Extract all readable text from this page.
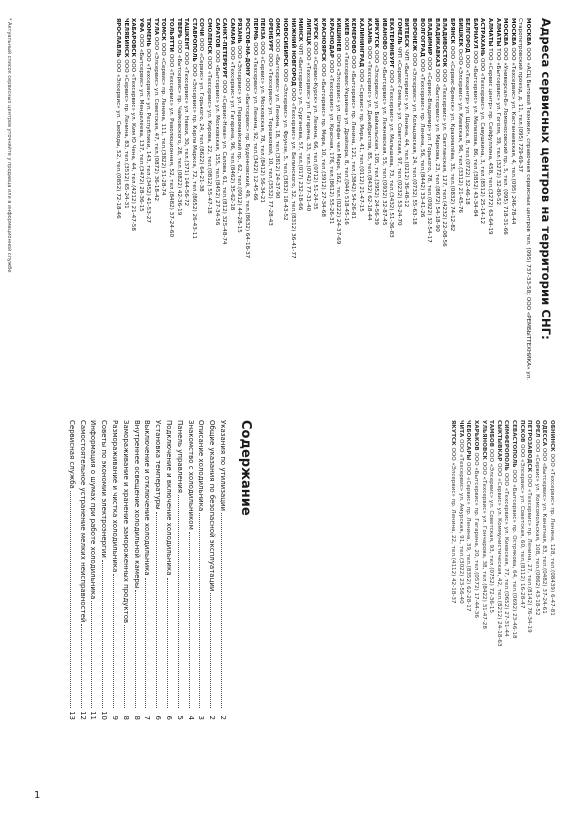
Адреса сервисных центров на территории СНГ:

МОСКВА ООО «АСЦ Бытовой Техники», справочная сервисных центров тел. (095) 737-33-58; ООО «РЕМБЫТТЕХНИКА» ул. Старопетровский проезд, д. 11, тел.(095) 729-69-37

МОСКВА ООО «Техсервис» ул. Кастанаевская, 4, тел.(095) 246-78-44

МОСКВА ООО «Универсал-Б» Ломоносовский пр., 5, тел. (095) 718-31-66

АЛМАТЫ ТОО «Бытсервис» ул. Гоголя, 39, тел.(3272) 32-80-52

АЛМАТЫ ТОО «Сервис центр» пр. Сейфуллина, 458, тел.(3272) 63-64-19

АСТРАХАНЬ ООО «Техсервис» ул. Савушкина, 3, тел.(8512) 25-14-12

БАРНАУЛ ООО «Бытсервис» ул. Малахова, 86, тел.(3852) 43-34-84

БЕЛГОРОД ООО «Техцентр» ул. Щорса, 8, тел.(0722) 32-46-18

БИШКЕК ОсОО «Элсервис» ул. Киевская, 96, тел.(3312) 21-45-76

БРЯНСК ООО «Сервис-Брянск» ул. Крахмалёва, 35, тел.(0832) 74-12-82

ВЛАДИВОСТОК ООО «Техсервис» ул. Светланская, 127, тел.(4232) 22-08-56

ВЛАДИКАВКАЗ ООО «Бытсервис» ул. Маркова, 23, тел.(8672) 54-18-90

ВЛАДИМИР ООО «Сервис-Владимир» ул. Горького, 78, тел.(0922) 32-54-17

ВОЛГОГРАД ООО «Техсервис» пр. Ленина, 56, тел.(8442) 33-41-26

ВОРОНЕЖ ООО «Элсервис» ул. Кольцовская, 24, тел.(0732) 55-63-18

ВИТЕБСК ЧУП «Бытсервис» ул. Ленина, 44, тел.(0212) 36-48-12

ГОМЕЛЬ ЧУП «Сервис-Гомель» ул. Советская, 97, тел.(0232) 53-24-70

ЕКАТЕРИНБУРГ ООО «Техсервис» ул. Малышева, 73, тел.(3432) 51-36-83

ИВАНОВО ООО «Бытсервис» ул. Лежневская, 55, тел.(0932) 32-87-45

ИРКУТСК ООО «Элсервис» ул. Байкальская, 105, тел.(3952) 24-56-39

КАЗАНЬ ООО «Техсервис» ул. Декабристов, 85, тел.(8432) 62-18-44

КАЛИНИНГРАД ООО «Сервис» пр. Мира, 41, тел.(0112) 21-47-15

КЕМЕРОВО ООО «Бытсервис» пр. Ленина, 121, тел.(3842) 54-26-81

КИЕВ ООО «Техсервис-Украина» ул. Драйзера, 8, тел.(044) 518-45-16

КИШИНЕВ ООО «Элсервис» ул. Штефан чел Маре, 162, тел.(0222) 24-37-69

КРАСНОДАР ООО «Техсервис» ул. Красная, 176, тел.(8612) 55-26-31

КРАСНОЯРСК ООО «Бытсервис» пр. Мира, 10, тел.(3912) 27-34-68

КУРСК ООО «Сервис-Курск» ул. Ленина, 66, тел.(0712) 51-24-35

ЛИПЕЦК ООО «Техсервис» ул. Гагарина, 33, тел.(0742) 77-31-40

МИНСК ЧУП «Бытсервис» ул. Сурганова, 57, тел.(017) 232-18-66

НИЖНИЙ НОВГОРОД ООО «Техсервис» ул. Белинского, 32, тел.(8312) 36-41-77

НОВОСИБИРСК ООО «Элсервис» ул. Фрунзе, 5, тел.(3832) 18-43-52

ОМСК ООО «Бытсервис» ул. Ленина, 18, тел.(3812) 24-37-90

ОРЕНБУРГ ООО «Техсервис» ул. Терешковой, 10, тел.(3532) 77-28-43

ПЕНЗА ООО «Сервис» ул. Московская, 78, тел.(8412) 56-34-21

ПЕРМЬ ООО «Техсервис» ул. Ленина, 92, тел.(3422) 12-45-66

РОСТОВ-НА-ДОНУ ООО «Бытсервис» пр. Буденновский, 49, тел.(8632) 64-18-37

РЯЗАНЬ ООО «Элсервис» ул. Первомайский пр., 62, тел.(0912) 44-28-15

САМАРА ООО «Техсервис» ул. Гагарина, 96, тел.(8462) 35-62-18

САНКТ-ПЕТЕРБУРГ ООО «Сервис-Нева» ул. Салова, 61, тел.(812) 325-48-74

САРАТОВ ООО «Бытсервис» ул. Московская, 155, тел.(8452) 27-34-56

СМОЛЕНСК ООО «Техсервис» ул. Кирова, 22, тел.(0812) 55-47-18

СОЧИ ООО «Сервис» ул. Горького, 24, тел.(8622) 64-21-38

СТАВРОПОЛЬ ООО «Элсервис» пр. Карла Маркса, 72, тел.(8652) 26-43-11

ТАШКЕНТ ООО «Техсервис» ул. Навои, 30, тел.(371) 144-56-72

ТВЕРЬ ООО «Бытсервис» пр. Чайковского, 28, тел.(0822) 42-36-19

ТОЛЬЯТТИ ООО «Техсервис» ул. Революционная, 52, тел.(8482) 37-24-60

ТОМСК ООО «Сервис» пр. Ленина, 111, тел.(3822) 51-28-74

ТУЛА ООО «Элсервис» ул. Советская, 47, тел.(0872) 36-18-42

ТЮМЕНЬ ООО «Техсервис» ул. Республики, 143, тел.(3452) 41-53-27

УФА ООО «Бытсервис» ул. Менделеева, 137, тел.(3472) 28-36-15

ХАБАРОВСК ООО «Техсервис» ул. Ким Ю Чена, 44, тел.(4212) 21-47-58

ЧЕЛЯБИНСК ООО «Сервис» пр. Ленина, 83, тел.(3512) 65-24-31

ЯРОСЛАВЛЬ ООО «Элсервис» ул. Свободы, 52, тел.(0852) 72-18-46

ОБНИНСК ООО «Техсервис» пр. Ленина, 128, тел.(08439) 6-47-81

ОДЕССА ООО «Бытсервис» ул. Канатная, 83, тел.(0482) 37-24-61

ОРЕЛ ООО «Сервис» ул. Комсомольская, 108, тел.(0862) 43-18-52

ПЕТРОЗАВОДСК ООО «Техсервис» пр. Ленина, 27, тел.(8142) 76-34-19

ПСКОВ ООО «Элсервис» ул. Советская, 60, тел.(8112) 16-28-47

СЕВАСТОПОЛЬ ООО «Бытсервис» пр. Острякова, 64, тел.(0692) 23-46-18

СИМФЕРОПОЛЬ ООО «Техсервис» ул. Киевская, 77, тел.(0652) 27-31-44

СЫКТЫВКАР ООО «Сервис» ул. Коммунистическая, 42, тел.(8212) 24-18-63

ТАМБОВ ООО «Элсервис» ул. Советская, 93, тел.(0752) 72-36-15

УЛЬЯНОВСК ООО «Техсервис» ул. Гончарова, 38, тел.(8422) 31-47-28

ХАРЬКОВ ООО «Бытсервис» пр. Гагарина, 20, тел.(0572) 17-44-36

ЧЕБОКСАРЫ ООО «Сервис» пр. Ленина, 39, тел.(8352) 62-28-17

ЧИТА ООО «Техсервис» ул. Амурская, 91, тел.(3022) 23-56-40

ЯКУТСК ООО «Элсервис» пр. Ленина, 22, тел.(4112) 42-18-37

Содержание
Указания по утилизации
2
Общие указания по безопасной эксплуатации
2
Описание холодильника
3
Знакомство с холодильником
4
Панель управления
5
Подключение и включение холодильника
6
Установка температуры
6
Выключение и отключение холодильника
7
Внутреннее освещение холодильной камеры
8
Замораживание и хранение замороженных продуктов
8
Размораживание и чистка холодильника
9
Советы по экономии электроэнергии
10
Информация о шумах при работе холодильника
11
Самостоятельное устранение мелких неисправностей
12
Сервисная служба
13
* Актуальный список сервисных центров уточняйте у продавца или в информационной службе
1
